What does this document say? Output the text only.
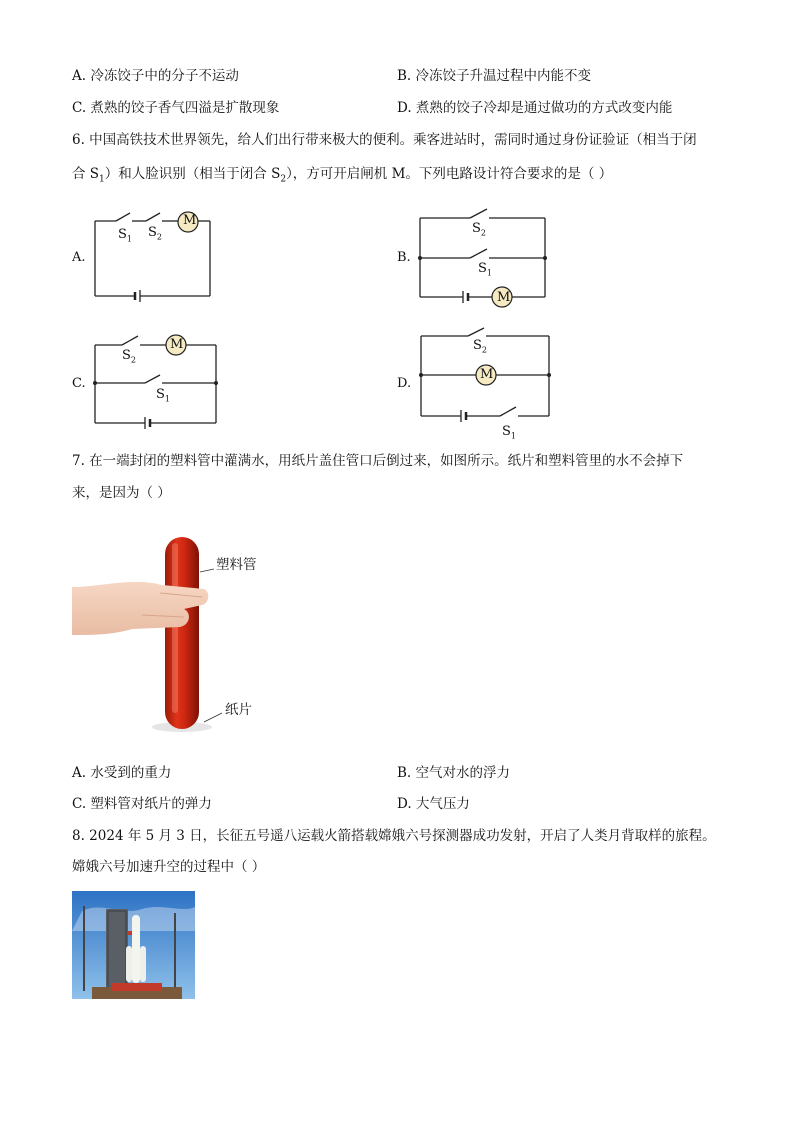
A. 冷冻饺子中的分子不运动	B. 冷冻饺子升温过程中内能不变
C. 煮熟的饺子香气四溢是扩散现象	D. 煮熟的饺子冷却是通过做功的方式改变内能
6. 中国高铁技术世界领先，给人们出行带来极大的便利。乘客进站时，需同时通过身份证验证（相当于闭
合 $S_1$）和人脸识别（相当于闭合 $S_2$），方可开启闸机 M。下列电路设计符合要求的是（ ）
A.
M
$S_1$ $S_2$
B.
$S_2$
$S_1$
M
C.
M
$S_2$
$S_1$
D.
M
$S_2$
$S_1$
7. 在一端封闭的塑料管中灌满水，用纸片盖住管口后倒过来，如图所示。纸片和塑料管里的水不会掉下
来，是因为（ ）
塑料管
纸片
A. 水受到的重力	B. 空气对水的浮力
C. 塑料管对纸片的弹力	D. 大气压力
8. 2024 年 5 月 3 日，长征五号遥八运载火箭搭载嫦娥六号探测器成功发射，开启了人类月背取样的旅程。
嫦娥六号加速升空的过程中（ ）
